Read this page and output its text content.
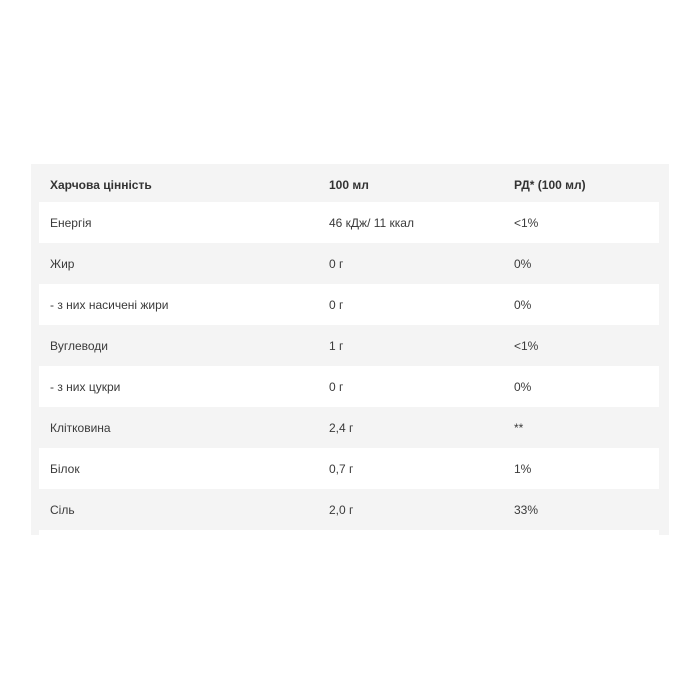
Харчова цінність	100 мл	РД* (100 мл)
Енергія	46 кДж/ 11 ккал	<1%
Жир	0 г	0%
- з них насичені жири	0 г	0%
Вуглеводи	1 г	<1%
- з них цукри	0 г	0%
Клітковина	2,4 г	**
Білок	0,7 г	1%
Сіль	2,0 г	33%
